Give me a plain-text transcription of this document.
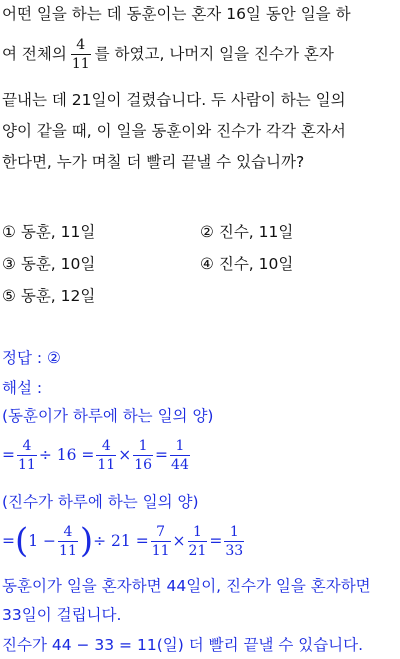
어떤 일을 하는 데 동훈이는 혼자 16일 동안 일을 하
여 전체의 $\frac{4}{11}$ 를 하였고, 나머지 일을 진수가 혼자
끝내는 데 21일이 걸렸습니다. 두 사람이 하는 일의
양이 같을 때, 이 일을 동훈이와 진수가 각각 혼자서
한다면, 누가 며칠 더 빨리 끝낼 수 있습니까?
① 동훈, 11일	② 진수, 11일
③ 동훈, 10일	④ 진수, 10일
⑤ 동훈, 12일
정답 : ②
해설 :
(동훈이가 하루에 하는 일의 양)
= $\frac{4}{11} \div 16 = \frac{4}{11} \times \frac{1}{16} = \frac{1}{44}$
(진수가 하루에 하는 일의 양)
= ( $1 - \frac{4}{11}$ ) ÷ $21 = \frac{7}{11} \times \frac{1}{21} = \frac{1}{33}$
동훈이가 일을 혼자하면 44일이, 진수가 일을 혼자하면
33일이 걸립니다.
진수가 44 − 33 = 11(일) 더 빨리 끝낼 수 있습니다.
